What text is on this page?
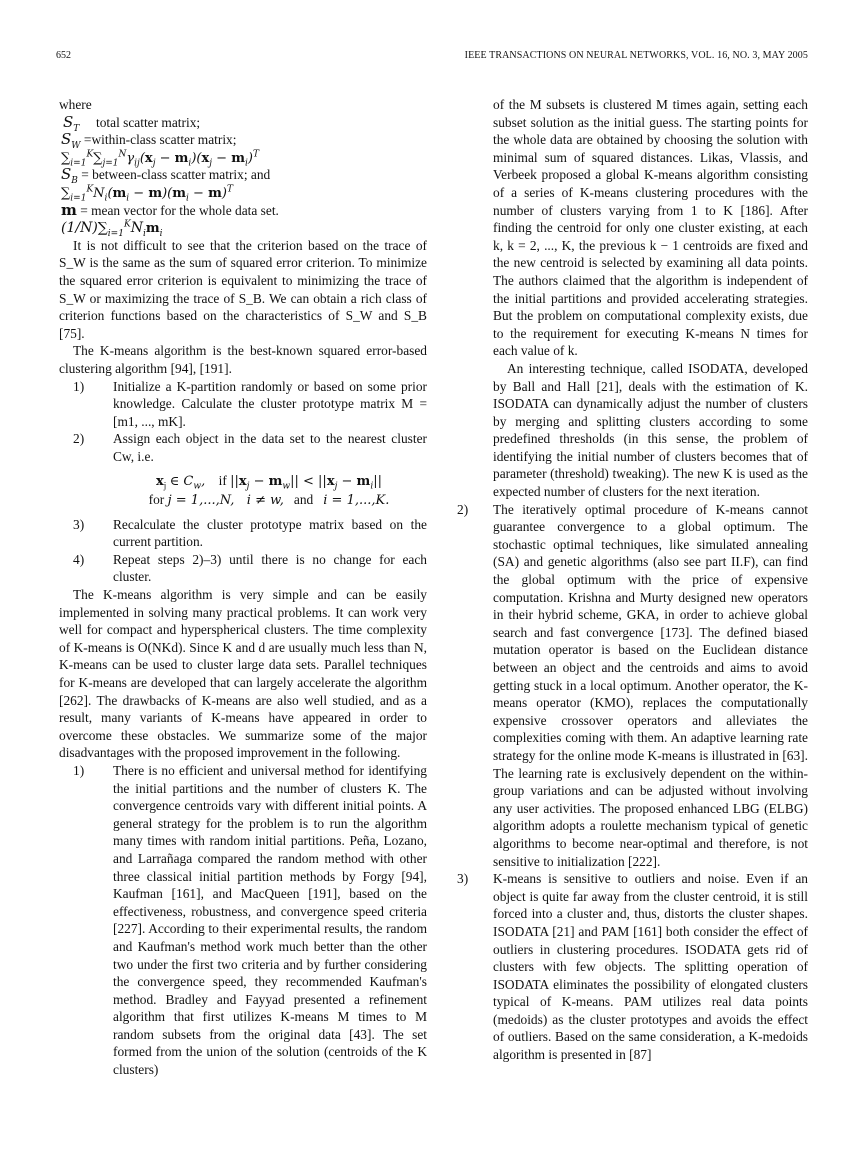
652	IEEE TRANSACTIONS ON NEURAL NETWORKS, VOL. 16, NO. 3, MAY 2005

where

$S_T$ total scatter matrix;
$S_W$ =within-class scatter matrix;
$\sum_{i=1}^K\sum_{j=1}^N\gamma_{ij}(x_j - m_i)(x_j - m_i)^T$
$S_B$ = between-class scatter matrix; and
$\sum_{i=1}^KN_i(m_i - m)(m_i - m)^T$
m = mean vector for the whole data set.
$(1/N)\sum_{i=1}^KN_im_i$

It is not difficult to see that the criterion based on the trace of S_W is the same as the sum of squared error criterion. To minimize the squared error criterion is equivalent to minimizing the trace of S_W or maximizing the trace of S_B. We can obtain a rich class of criterion functions based on the characteristics of S_W and S_B [75].

The K-means algorithm is the best-known squared error-based clustering algorithm [94], [191].

1)	Initialize a K-partition randomly or based on some prior knowledge. Calculate the cluster prototype matrix M = [m1, ..., mK].
2)	Assign each object in the data set to the nearest cluster Cw, i.e.
$x_j$ ∈ $C_w$,    if $||x_j - m_w|| < ||x_j - m_i||$
for j = 1,...,N,   i ≠ w,   and   i = 1,...,K.
3)	Recalculate the cluster prototype matrix based on the current partition.
4)	Repeat steps 2)–3) until there is no change for each cluster.

The K-means algorithm is very simple and can be easily implemented in solving many practical problems. It can work very well for compact and hyperspherical clusters. The time complexity of K-means is O(NKd). Since K and d are usually much less than N, K-means can be used to cluster large data sets. Parallel techniques for K-means are developed that can largely accelerate the algorithm [262]. The drawbacks of K-means are also well studied, and as a result, many variants of K-means have appeared in order to overcome these obstacles. We summarize some of the major disadvantages with the proposed improvement in the following.

1)	There is no efficient and universal method for identifying the initial partitions and the number of clusters K. The convergence centroids vary with different initial points. A general strategy for the problem is to run the algorithm many times with random initial partitions. Peña, Lozano, and Larrañaga compared the random method with other three classical initial partition methods by Forgy [94], Kaufman [161], and MacQueen [191], based on the effectiveness, robustness, and convergence speed criteria [227]. According to their experimental results, the random and Kaufman's method work much better than the other two under the first two criteria and by further considering the convergence speed, they recommended Kaufman's method. Bradley and Fayyad presented a refinement algorithm that first utilizes K-means M times to M random subsets from the original data [43]. The set formed from the union of the solution (centroids of the K clusters)

of the M subsets is clustered M times again, setting each subset solution as the initial guess. The starting points for the whole data are obtained by choosing the solution with minimal sum of squared distances. Likas, Vlassis, and Verbeek proposed a global K-means algorithm consisting of a series of K-means clustering procedures with the number of clusters varying from 1 to K [186]. After finding the centroid for only one cluster existing, at each k, k = 2, ..., K, the previous k − 1 centroids are fixed and the new centroid is selected by examining all data points. The authors claimed that the algorithm is independent of the initial partitions and provided accelerating strategies. But the problem on computational complexity exists, due to the requirement for executing K-means N times for each value of k.

An interesting technique, called ISODATA, developed by Ball and Hall [21], deals with the estimation of K. ISODATA can dynamically adjust the number of clusters by merging and splitting clusters according to some predefined thresholds (in this sense, the problem of identifying the initial number of clusters becomes that of parameter (threshold) tweaking). The new K is used as the expected number of clusters for the next iteration.

2)	The iteratively optimal procedure of K-means cannot guarantee convergence to a global optimum. The stochastic optimal techniques, like simulated annealing (SA) and genetic algorithms (also see part II.F), can find the global optimum with the price of expensive computation. Krishna and Murty designed new operators in their hybrid scheme, GKA, in order to achieve global search and fast convergence [173]. The defined biased mutation operator is based on the Euclidean distance between an object and the centroids and aims to avoid getting stuck in a local optimum. Another operator, the K-means operator (KMO), replaces the computationally expensive crossover operators and alleviates the complexities coming with them. An adaptive learning rate strategy for the online mode K-means is illustrated in [63]. The learning rate is exclusively dependent on the within-group variations and can be adjusted without involving any user activities. The proposed enhanced LBG (ELBG) algorithm adopts a roulette mechanism typical of genetic algorithms to become near-optimal and therefore, is not sensitive to initialization [222].
3)	K-means is sensitive to outliers and noise. Even if an object is quite far away from the cluster centroid, it is still forced into a cluster and, thus, distorts the cluster shapes. ISODATA [21] and PAM [161] both consider the effect of outliers in clustering procedures. ISODATA gets rid of clusters with few objects. The splitting operation of ISODATA eliminates the possibility of elongated clusters typical of K-means. PAM utilizes real data points (medoids) as the cluster prototypes and avoids the effect of outliers. Based on the same consideration, a K-medoids algorithm is presented in [87]
